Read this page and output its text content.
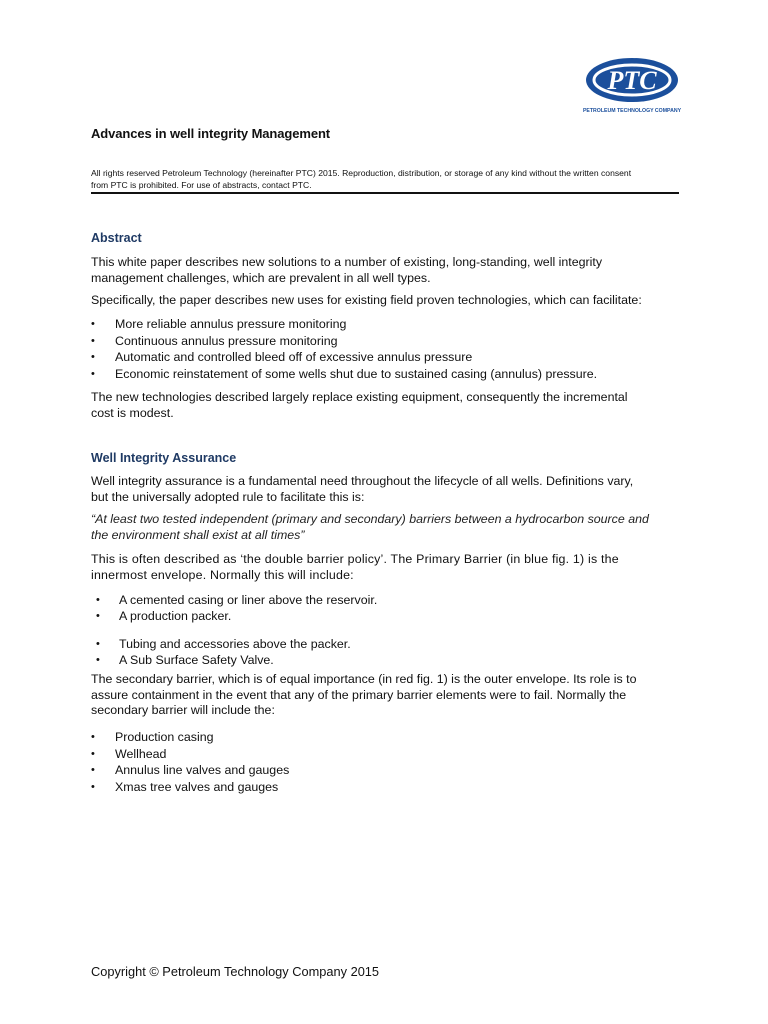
PTC
PETROLEUM TECHNOLOGY COMPANY
Advances in well integrity Management
All rights reserved Petroleum Technology (hereinafter PTC) 2015. Reproduction, distribution, or storage of any kind without the written consent
from PTC is prohibited. For use of abstracts, contact PTC.
Abstract
This white paper describes new solutions to a number of existing, long-standing, well integrity
management challenges, which are prevalent in all well types.
Specifically, the paper describes new uses for existing field proven technologies, which can facilitate:
• More reliable annulus pressure monitoring
• Continuous annulus pressure monitoring
• Automatic and controlled bleed off of excessive annulus pressure
• Economic reinstatement of some wells shut due to sustained casing (annulus) pressure.
The new technologies described largely replace existing equipment, consequently the incremental
cost is modest.
Well Integrity Assurance
Well integrity assurance is a fundamental need throughout the lifecycle of all wells. Definitions vary,
but the universally adopted rule to facilitate this is:
“At least two tested independent (primary and secondary) barriers between a hydrocarbon source and
the environment shall exist at all times”
This is often described as ‘the double barrier policy’. The Primary Barrier (in blue fig. 1) is the
innermost envelope. Normally this will include:
• A cemented casing or liner above the reservoir.
• A production packer.
• Tubing and accessories above the packer.
• A Sub Surface Safety Valve.
The secondary barrier, which is of equal importance (in red fig. 1) is the outer envelope. Its role is to
assure containment in the event that any of the primary barrier elements were to fail. Normally the
secondary barrier will include the:
• Production casing
• Wellhead
• Annulus line valves and gauges
• Xmas tree valves and gauges
Copyright © Petroleum Technology Company 2015
